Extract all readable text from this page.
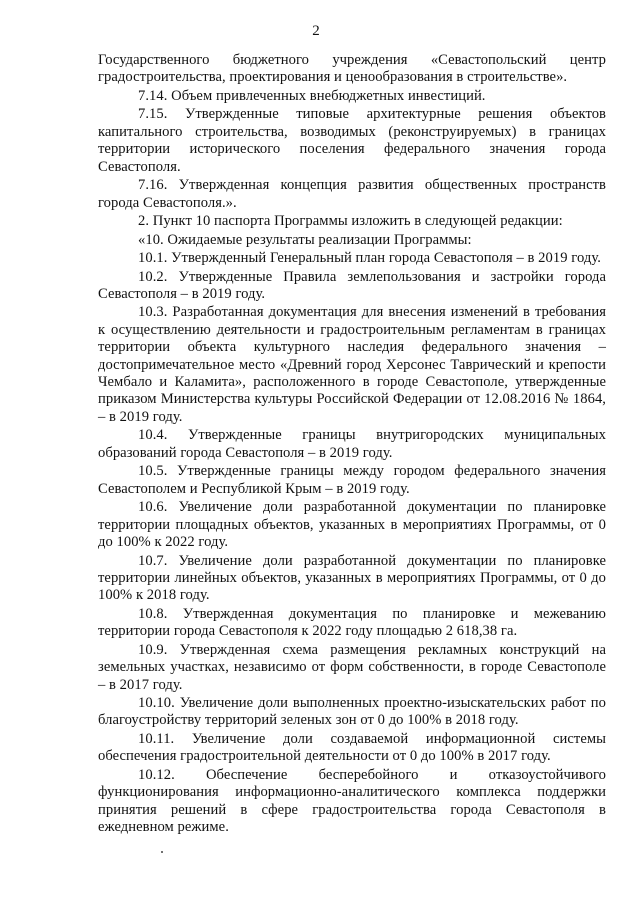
2

Государственного бюджетного учреждения «Севастопольский центр градостроительства, проектирования и ценообразования в строительстве».

7.14. Объем привлеченных внебюджетных инвестиций.

7.15. Утвержденные типовые архитектурные решения объектов капитального строительства, возводимых (реконструируемых) в границах территории исторического поселения федерального значения города Севастополя.

7.16. Утвержденная концепция развития общественных пространств города Севастополя.».

2. Пункт 10 паспорта Программы изложить в следующей редакции:

«10. Ожидаемые результаты реализации Программы:

10.1. Утвержденный Генеральный план города Севастополя – в 2019 году.

10.2. Утвержденные Правила землепользования и застройки города Севастополя – в 2019 году.

10.3. Разработанная документация для внесения изменений в требования к осуществлению деятельности и градостроительным регламентам в границах территории объекта культурного наследия федерального значения – достопримечательное место «Древний город Херсонес Таврический и крепости Чембало и Каламита», расположенного в городе Севастополе, утвержденные приказом Министерства культуры Российской Федерации от 12.08.2016 № 1864, – в 2019 году.

10.4. Утвержденные границы внутригородских муниципальных образований города Севастополя – в 2019 году.

10.5. Утвержденные границы между городом федерального значения Севастополем и Республикой Крым – в 2019 году.

10.6. Увеличение доли разработанной документации по планировке территории площадных объектов, указанных в мероприятиях Программы, от 0 до 100% к 2022 году.

10.7. Увеличение доли разработанной документации по планировке территории линейных объектов, указанных в мероприятиях Программы, от 0 до 100% к 2018 году.

10.8. Утвержденная документация по планировке и межеванию территории города Севастополя к 2022 году площадью 2 618,38 га.

10.9. Утвержденная схема размещения рекламных конструкций на земельных участках, независимо от форм собственности, в городе Севастополе – в 2017 году.

10.10. Увеличение доли выполненных проектно-изыскательских работ по благоустройству территорий зеленых зон от 0 до 100% в 2018 году.

10.11. Увеличение доли создаваемой информационной системы обеспечения градостроительной деятельности от 0 до 100% в 2017 году.

10.12. Обеспечение бесперебойного и отказоустойчивого функционирования информационно-аналитического комплекса поддержки принятия решений в сфере градостроительства города Севастополя в ежедневном режиме.
